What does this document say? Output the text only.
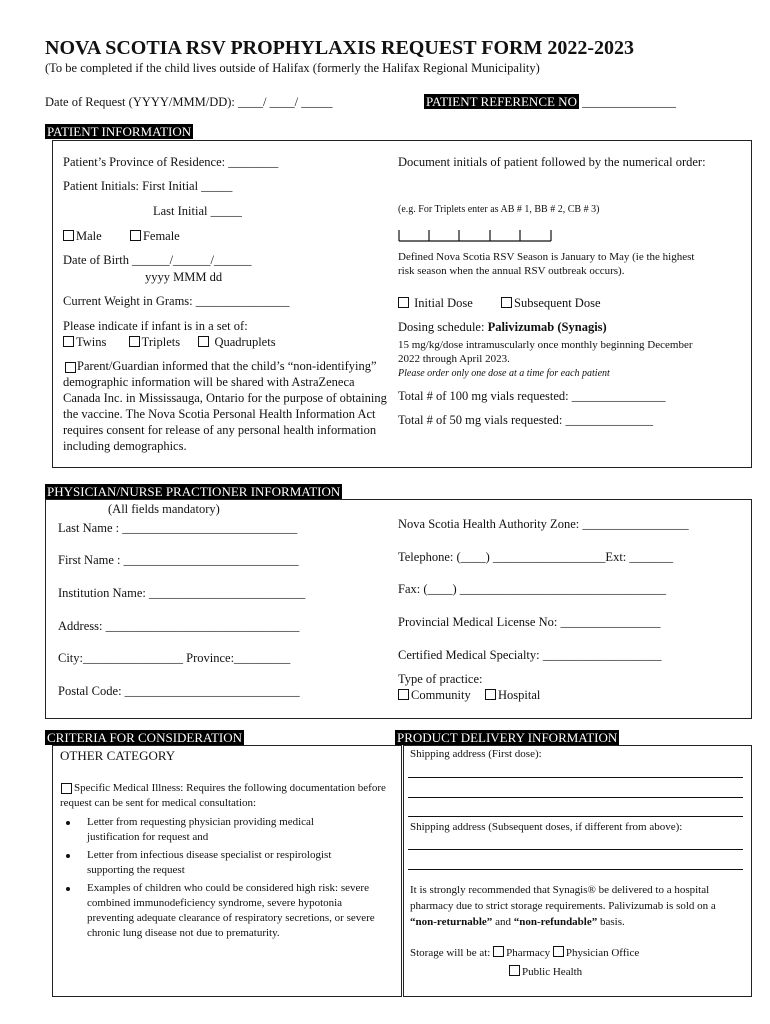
NOVA SCOTIA RSV PROPHYLAXIS REQUEST FORM 2022-2023
(To be completed if the child lives outside of Halifax (formerly the Halifax Regional Municipality)
Date of Request (YYYY/MMM/DD): ____/ ____/ _____	PATIENT REFERENCE NO _______________
PATIENT INFORMATION
Patient’s Province of Residence: ________
Patient Initials: First Initial _____
Last Initial _____
Male	Female
Date of Birth ______/______/______
yyyy MMM dd
Current Weight in Grams: _______________
Please indicate if infant is in a set of:
Twins	Triplets	Quadruplets
Parent/Guardian informed that the child’s “non-identifying” demographic information will be shared with AstraZeneca Canada Inc. in Mississauga, Ontario for the purpose of obtaining the vaccine. The Nova Scotia Personal Health Information Act requires consent for release of any personal health information including demographics.
Document initials of patient followed by the numerical order:
(e.g. For Triplets enter as AB # 1, BB # 2, CB # 3)
Defined Nova Scotia RSV Season is January to May (ie the highest risk season when the annual RSV outbreak occurs).
Initial Dose	Subsequent Dose
Dosing schedule: Palivizumab (Synagis)
15 mg/kg/dose intramuscularly once monthly beginning December 2022 through April 2023.
Please order only one dose at a time for each patient
Total # of 100 mg vials requested: _______________
Total # of 50 mg vials requested: ______________
PHYSICIAN/NURSE PRACTIONER INFORMATION
(All fields mandatory)
Last Name : ____________________________
First Name : ____________________________
Institution Name: _________________________
Address: _______________________________
City:________________ Province:_________
Postal Code: ____________________________
Nova Scotia Health Authority Zone: _________________
Telephone: (____) __________________Ext: _______
Fax: (____) _________________________________
Provincial Medical License No: ________________
Certified Medical Specialty: ___________________
Type of practice:
Community Hospital
CRITERIA FOR CONSIDERATION
OTHER CATEGORY
Specific Medical Illness: Requires the following documentation before request can be sent for medical consultation:
Letter from requesting physician providing medical justification for request and
Letter from infectious disease specialist or respirologist supporting the request
Examples of children who could be considered high risk: severe combined immunodeficiency syndrome, severe hypotonia preventing adequate clearance of respiratory secretions, or severe chronic lung disease not due to prematurity.
PRODUCT DELIVERY INFORMATION
Shipping address (First dose):
Shipping address (Subsequent doses, if different from above):
It is strongly recommended that Synagis® be delivered to a hospital pharmacy due to strict storage requirements. Palivizumab is sold on a “non-returnable” and “non-refundable” basis.
Storage will be at: Pharmacy Physician Office
Public Health
